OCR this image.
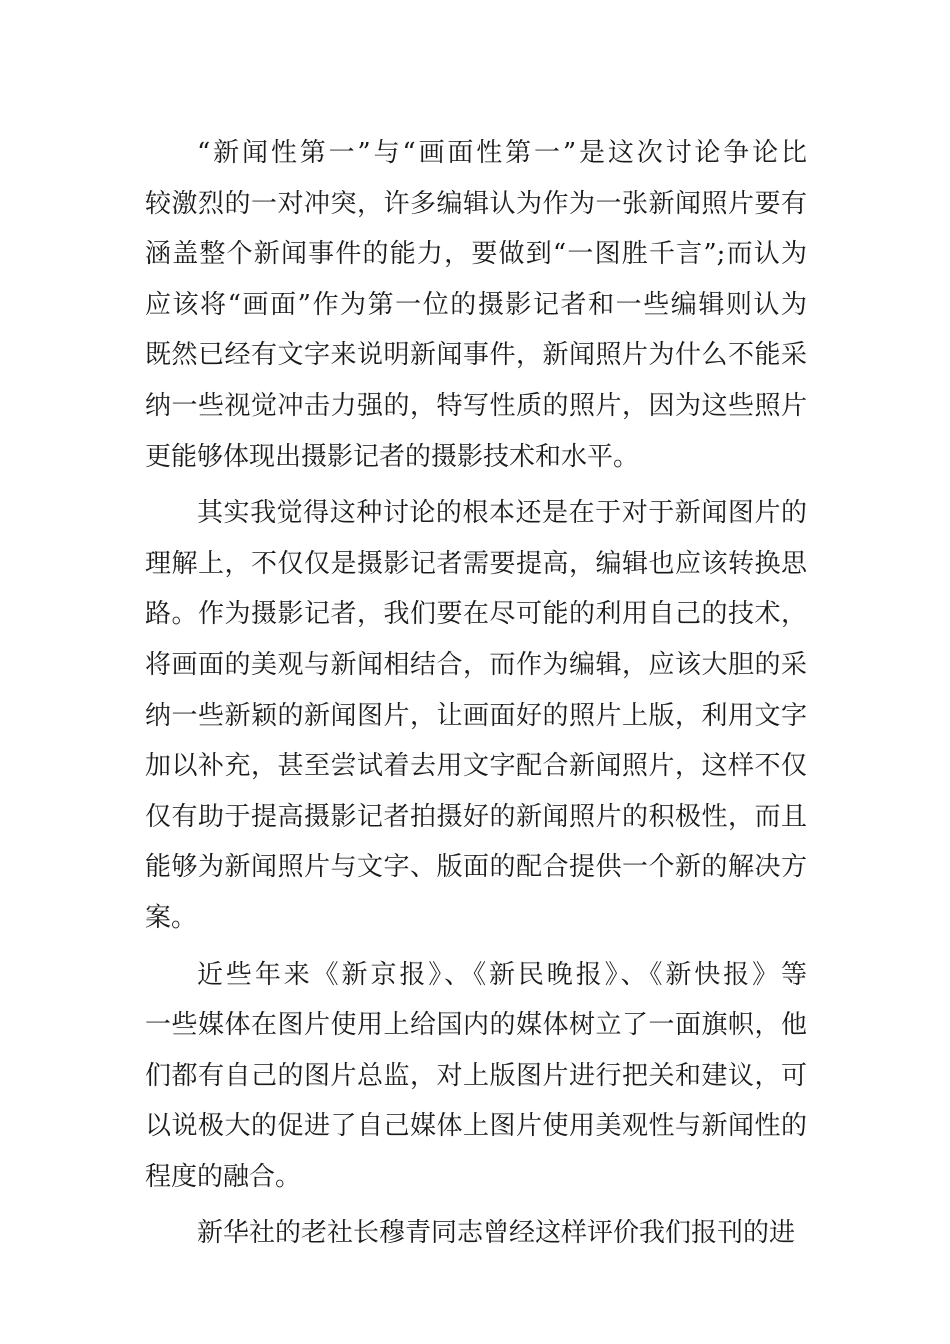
“新闻性第一”与“画面性第一”是这次讨论争论比
较激烈的一对冲突，许多编辑认为作为一张新闻照片要有
涵盖整个新闻事件的能力，要做到“一图胜千言”;而认为
应该将“画面”作为第一位的摄影记者和一些编辑则认为
既然已经有文字来说明新闻事件，新闻照片为什么不能采
纳一些视觉冲击力强的，特写性质的照片，因为这些照片
更能够体现出摄影记者的摄影技术和水平。
其实我觉得这种讨论的根本还是在于对于新闻图片的
理解上，不仅仅是摄影记者需要提高，编辑也应该转换思
路。作为摄影记者，我们要在尽可能的利用自己的技术，
将画面的美观与新闻相结合，而作为编辑，应该大胆的采
纳一些新颖的新闻图片，让画面好的照片上版，利用文字
加以补充，甚至尝试着去用文字配合新闻照片，这样不仅
仅有助于提高摄影记者拍摄好的新闻照片的积极性，而且
能够为新闻照片与文字、版面的配合提供一个新的解决方
案。
近些年来《新京报》、《新民晚报》、《新快报》等
一些媒体在图片使用上给国内的媒体树立了一面旗帜，他
们都有自己的图片总监，对上版图片进行把关和建议，可
以说极大的促进了自己媒体上图片使用美观性与新闻性的
程度的融合。
新华社的老社长穆青同志曾经这样评价我们报刊的进
